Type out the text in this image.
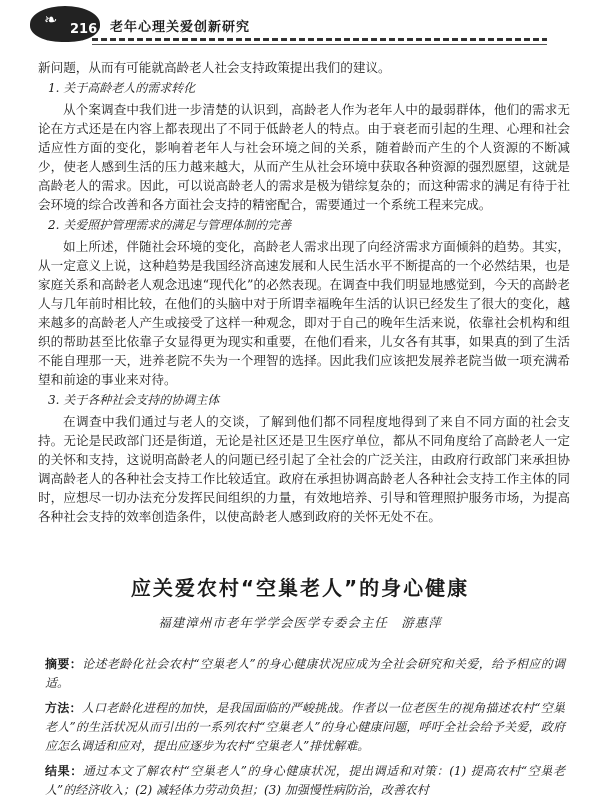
❧
216 老年心理关爱创新研究

新问题，从而有可能就高龄老人社会支持政策提出我们的建议。

1. 关于高龄老人的需求转化

从个案调查中我们进一步清楚的认识到，高龄老人作为老年人中的最弱群体，他们的需求无论在方式还是在内容上都表现出了不同于低龄老人的特点。由于衰老而引起的生理、心理和社会适应性方面的变化，影响着老年人与社会环境之间的关系，随着龄而产生的个人资源的不断减少，使老人感到生活的压力越来越大，从而产生从社会环境中获取各种资源的强烈愿望，这就是高龄老人的需求。因此，可以说高龄老人的需求是极为错综复杂的；而这种需求的满足有待于社会环境的综合改善和各方面社会支持的精密配合，需要通过一个系统工程来完成。

2. 关爱照护管理需求的满足与管理体制的完善

如上所述，伴随社会环境的变化，高龄老人需求出现了向经济需求方面倾斜的趋势。其实，从一定意义上说，这种趋势是我国经济高速发展和人民生活水平不断提高的一个必然结果，也是家庭关系和高龄老人观念迅速“现代化”的必然表现。在调查中我们明显地感觉到，今天的高龄老人与几年前时相比较，在他们的头脑中对于所谓幸福晚年生活的认识已经发生了很大的变化，越来越多的高龄老人产生或接受了这样一种观念，即对于自己的晚年生活来说，依靠社会机构和组织的帮助甚至比依靠子女显得更为现实和重要，在他们看来，儿女各有其事，如果真的到了生活不能自理那一天，进养老院不失为一个理智的选择。因此我们应该把发展养老院当做一项充满希望和前途的事业来对待。

3. 关于各种社会支持的协调主体

在调查中我们通过与老人的交谈，了解到他们都不同程度地得到了来自不同方面的社会支持。无论是民政部门还是街道，无论是社区还是卫生医疗单位，都从不同角度给了高龄老人一定的关怀和支持，这说明高龄老人的问题已经引起了全社会的广泛关注，由政府行政部门来承担协调高龄老人的各种社会支持工作比较适宜。政府在承担协调高龄老人各种社会支持工作主体的同时，应想尽一切办法充分发挥民间组织的力量，有效地培养、引导和管理照护服务市场，为提高各种社会支持的效率创造条件，以使高龄老人感到政府的关怀无处不在。

应关爱农村“空巢老人”的身心健康
福建漳州市老年学学会医学专委会主任　游惠萍

摘要：论述老龄化社会农村“空巢老人”的身心健康状况应成为全社会研究和关爱，给予相应的调适。

方法：人口老龄化进程的加快，是我国面临的严峻挑战。作者以一位老医生的视角描述农村“空巢老人”的生活状况从而引出的一系列农村“空巢老人”的身心健康问题，呼吁全社会给予关爱，政府应怎么调适和应对，提出应逐步为农村“空巢老人”排忧解难。

结果：通过本文了解农村“空巢老人”的身心健康状况，提出调适和对策：(1) 提高农村“空巢老人”的经济收入；(2) 减轻体力劳动负担；(3) 加强慢性病防治，改善农村
